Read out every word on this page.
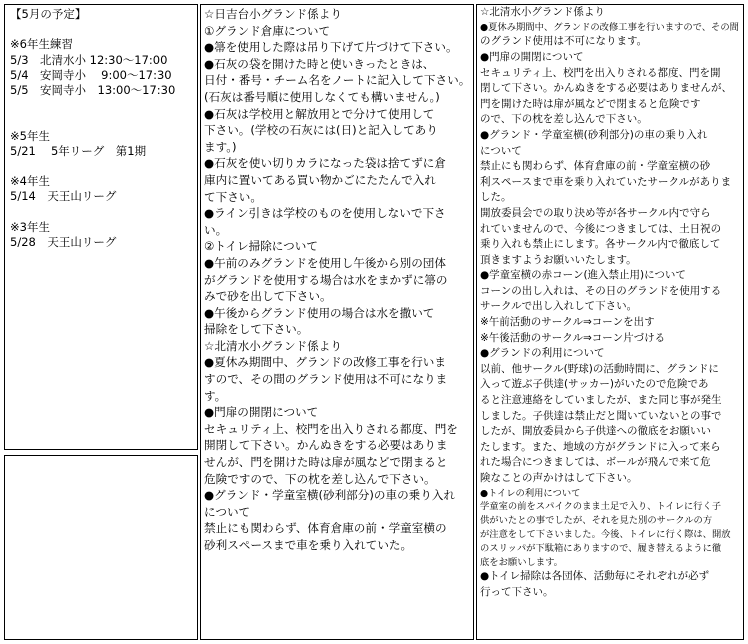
【5月の予定】

※6年生練習
5/3　北清水小 12:30～17:00
5/4　安岡寺小　 9:00～17:30
5/5　安岡寺小　13:00～17:30

※5年生
5/21　 5年リーグ　第1期

※4年生
5/14　天王山リーグ

※3年生
5/28　天王山リーグ
☆日吉台小グランド係より
①グランド倉庫について
●箒を使用した際は吊り下げて片づけて下さい。
●石灰の袋を開けた時と使いきったときは、
日付・番号・チーム名をノートに記入して下さい。
(石灰は番号順に使用しなくても構いません。)
●石灰は学校用と解放用とで分けて使用して
下さい。(学校の石灰には(日)と記入してあり
ます。)
●石灰を使い切りカラになった袋は捨てずに倉
庫内に置いてある買い物かごにたたんで入れ
て下さい。
●ライン引きは学校のものを使用しないで下さ
い。
②トイレ掃除について
●午前のみグランドを使用し午後から別の団体
がグランドを使用する場合は水をまかずに箒の
みで砂を出して下さい。
●午後からグランド使用の場合は水を撒いて
掃除をして下さい。
☆北清水小グランド係より
●夏休み期間中、グランドの改修工事を行いま
すので、その間のグランド使用は不可になりま
す。
●門扉の開閉について
セキュリティ上、校門を出入りされる都度、門を
開閉して下さい。かんぬきをする必要はありま
せんが、門を開けた時は扉が風などで閉まると
危険ですので、下の枕を差し込んで下さい。
●グランド・学童室横(砂利部分)の車の乗り入れ
について
禁止にも関わらず、体育倉庫の前・学童室横の
砂利スペースまで車を乗り入れていた。
☆北清水小グランド係より
●夏休み期間中、グランドの改修工事を行いますので、その間
のグランド使用は不可になります。
●門扉の開閉について
セキュリティ上、校門を出入りされる都度、門を開
閉して下さい。かんぬきをする必要はありませんが、
門を開けた時は扉が風などで閉まると危険です
ので、下の枕を差し込んで下さい。
●グランド・学童室横(砂利部分)の車の乗り入れ
について
禁止にも関わらず、体育倉庫の前・学童室横の砂
利スペースまで車を乗り入れていたサークルがありま
した。
開放委員会での取り決め等が各サークル内で守ら
れていませんので、今後につきましては、土日祝の
乗り入れも禁止にします。各サークル内で徹底して
頂きますようお願いいたします。
●学童室横の赤コーン(進入禁止用)について
コーンの出し入れは、その日のグランドを使用する
サークルで出し入れして下さい。
※午前活動のサークル⇒コーンを出す
※午後活動のサークル⇒コーン片づける
●グランドの利用について
以前、他サークル(野球)の活動時間に、グランドに
入って遊ぶ子供達(サッカー)がいたので危険であ
ると注意連絡をしていましたが、また同じ事が発生
しました。子供達は禁止だと聞いていないとの事で
したが、開放委員から子供達への徹底をお願いい
たします。また、地域の方がグランドに入って来ら
れた場合につきましては、ボールが飛んで来て危
険なことの声かけはして下さい。
●トイレの利用について
学童室の前をスパイクのまま土足で入り、トイレに行く子
供がいたとの事でしたが、それを見た別のサークルの方
が注意をして下さいました。今後、トイレに行く際は、開放
のスリッパが下駄箱にありますので、履き替えるように徹
底をお願いします。
●トイレ掃除は各団体、活動毎にそれぞれが必ず
行って下さい。
